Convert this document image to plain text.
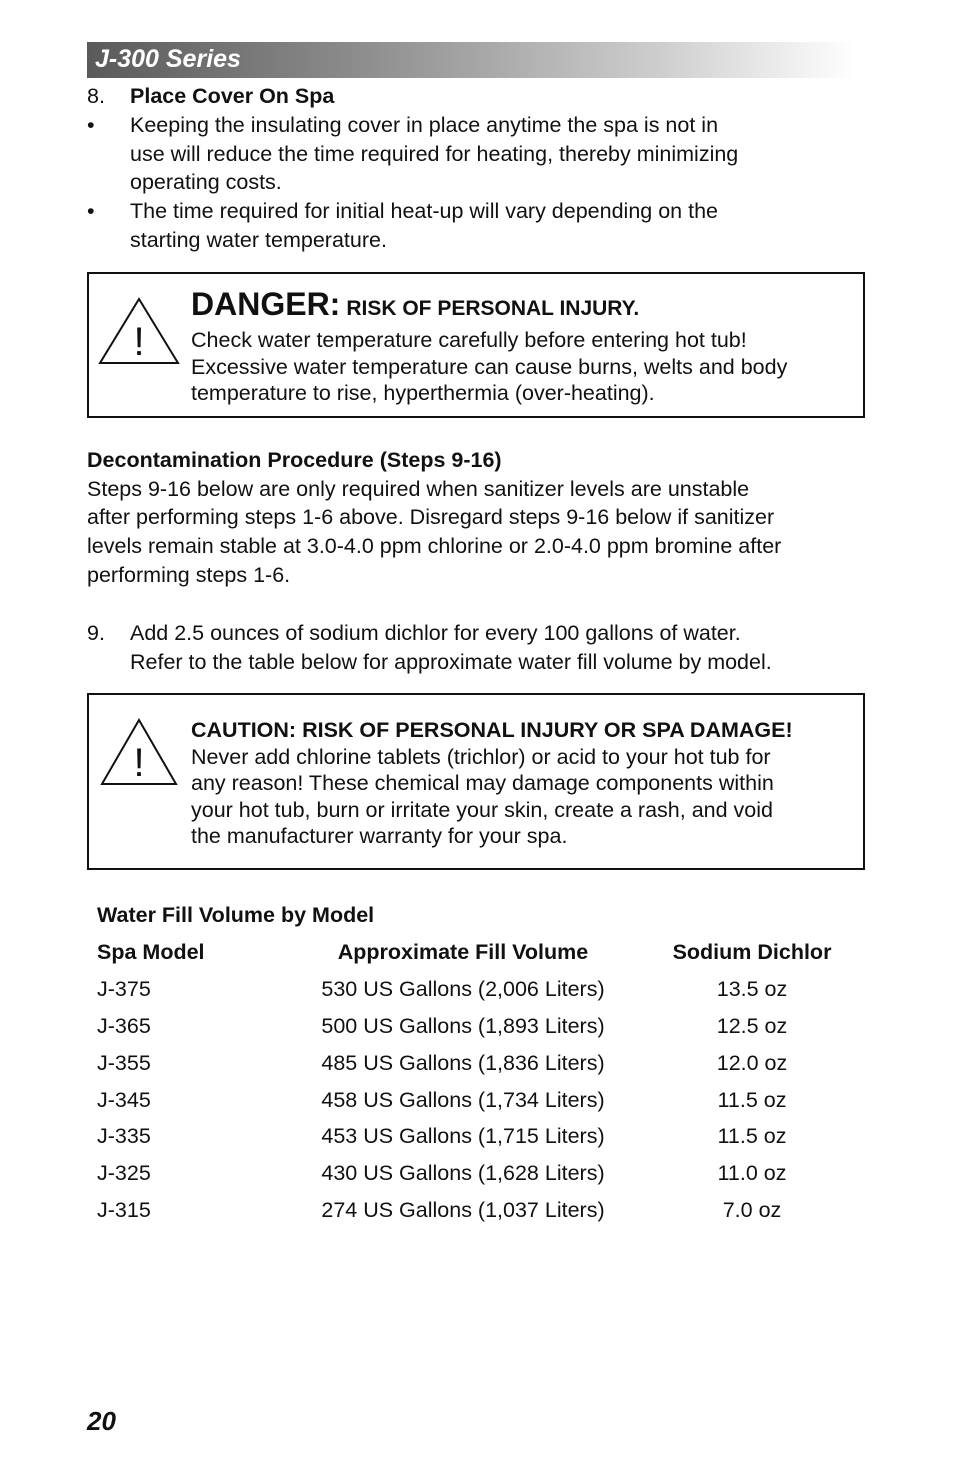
J-300 Series
8. Place Cover On Spa
• Keeping the insulating cover in place anytime the spa is not in
use will reduce the time required for heating, thereby minimizing
operating costs.
• The time required for initial heat-up will vary depending on the
starting water temperature.
!
DANGER: RISK OF PERSONAL INJURY.
Check water temperature carefully before entering hot tub!
Excessive water temperature can cause burns, welts and body
temperature to rise, hyperthermia (over-heating).
Decontamination Procedure (Steps 9-16)
Steps 9-16 below are only required when sanitizer levels are unstable
after performing steps 1-6 above. Disregard steps 9-16 below if sanitizer
levels remain stable at 3.0-4.0 ppm chlorine or 2.0-4.0 ppm bromine after
performing steps 1-6.
9. Add 2.5 ounces of sodium dichlor for every 100 gallons of water.
Refer to the table below for approximate water fill volume by model.
!
CAUTION: RISK OF PERSONAL INJURY OR SPA DAMAGE!
Never add chlorine tablets (trichlor) or acid to your hot tub for
any reason! These chemical may damage components within
your hot tub, burn or irritate your skin, create a rash, and void
the manufacturer warranty for your spa.
Water Fill Volume by Model
Spa Model	Approximate Fill Volume	Sodium Dichlor
J-375	530 US Gallons (2,006 Liters)	13.5 oz
J-365	500 US Gallons (1,893 Liters)	12.5 oz
J-355	485 US Gallons (1,836 Liters)	12.0 oz
J-345	458 US Gallons (1,734 Liters)	11.5 oz
J-335	453 US Gallons (1,715 Liters)	11.5 oz
J-325	430 US Gallons (1,628 Liters)	11.0 oz
J-315	274 US Gallons (1,037 Liters)	7.0 oz
20
